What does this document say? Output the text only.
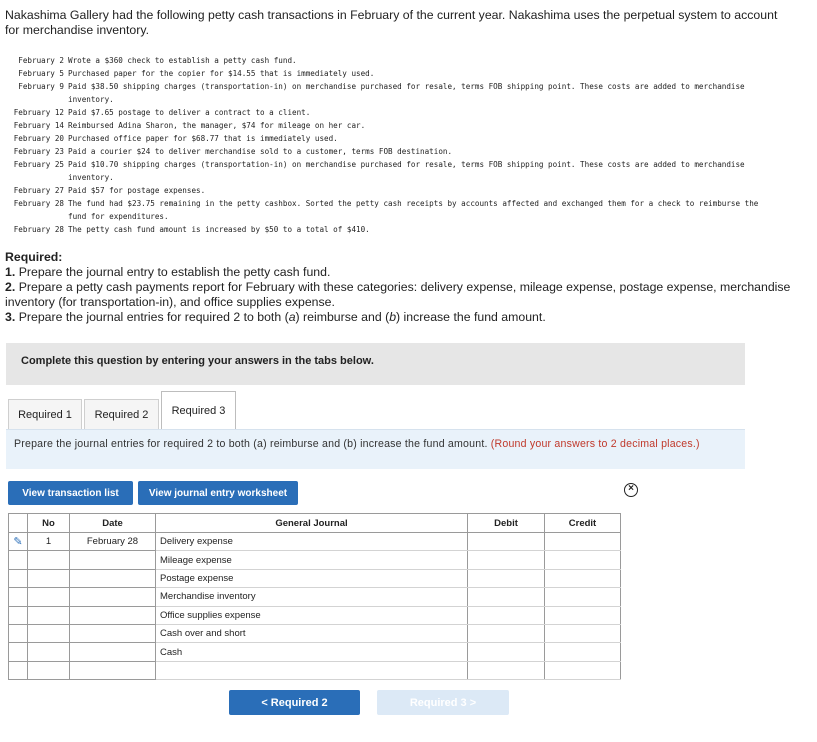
Nakashima Gallery had the following petty cash transactions in February of the current year. Nakashima uses the perpetual system to account for merchandise inventory.
February 2 Wrote a $360 check to establish a petty cash fund.
February 5 Purchased paper for the copier for $14.55 that is immediately used.
February 9 Paid $38.50 shipping charges (transportation-in) on merchandise purchased for resale, terms FOB shipping point. These costs are added to merchandise inventory.
February 12 Paid $7.65 postage to deliver a contract to a client.
February 14 Reimbursed Adina Sharon, the manager, $74 for mileage on her car.
February 20 Purchased office paper for $68.77 that is immediately used.
February 23 Paid a courier $24 to deliver merchandise sold to a customer, terms FOB destination.
February 25 Paid $10.70 shipping charges (transportation-in) on merchandise purchased for resale, terms FOB shipping point. These costs are added to merchandise inventory.
February 27 Paid $57 for postage expenses.
February 28 The fund had $23.75 remaining in the petty cashbox. Sorted the petty cash receipts by accounts affected and exchanged them for a check to reimburse the fund for expenditures.
February 28 The petty cash fund amount is increased by $50 to a total of $410.
Required:
1. Prepare the journal entry to establish the petty cash fund.
2. Prepare a petty cash payments report for February with these categories: delivery expense, mileage expense, postage expense, merchandise inventory (for transportation-in), and office supplies expense.
3. Prepare the journal entries for required 2 to both (a) reimburse and (b) increase the fund amount.
Complete this question by entering your answers in the tabs below.
Required 1	Required 2	Required 3
Prepare the journal entries for required 2 to both (a) reimburse and (b) increase the fund amount. (Round your answers to 2 decimal places.)
View transaction list	View journal entry worksheet	×
	No	Date	General Journal	Debit	Credit
✎	1	February 28	Delivery expense		
			Mileage expense		
			Postage expense		
			Merchandise inventory		
			Office supplies expense		
			Cash over and short		
			Cash		

< Required 2	Required 3 >
